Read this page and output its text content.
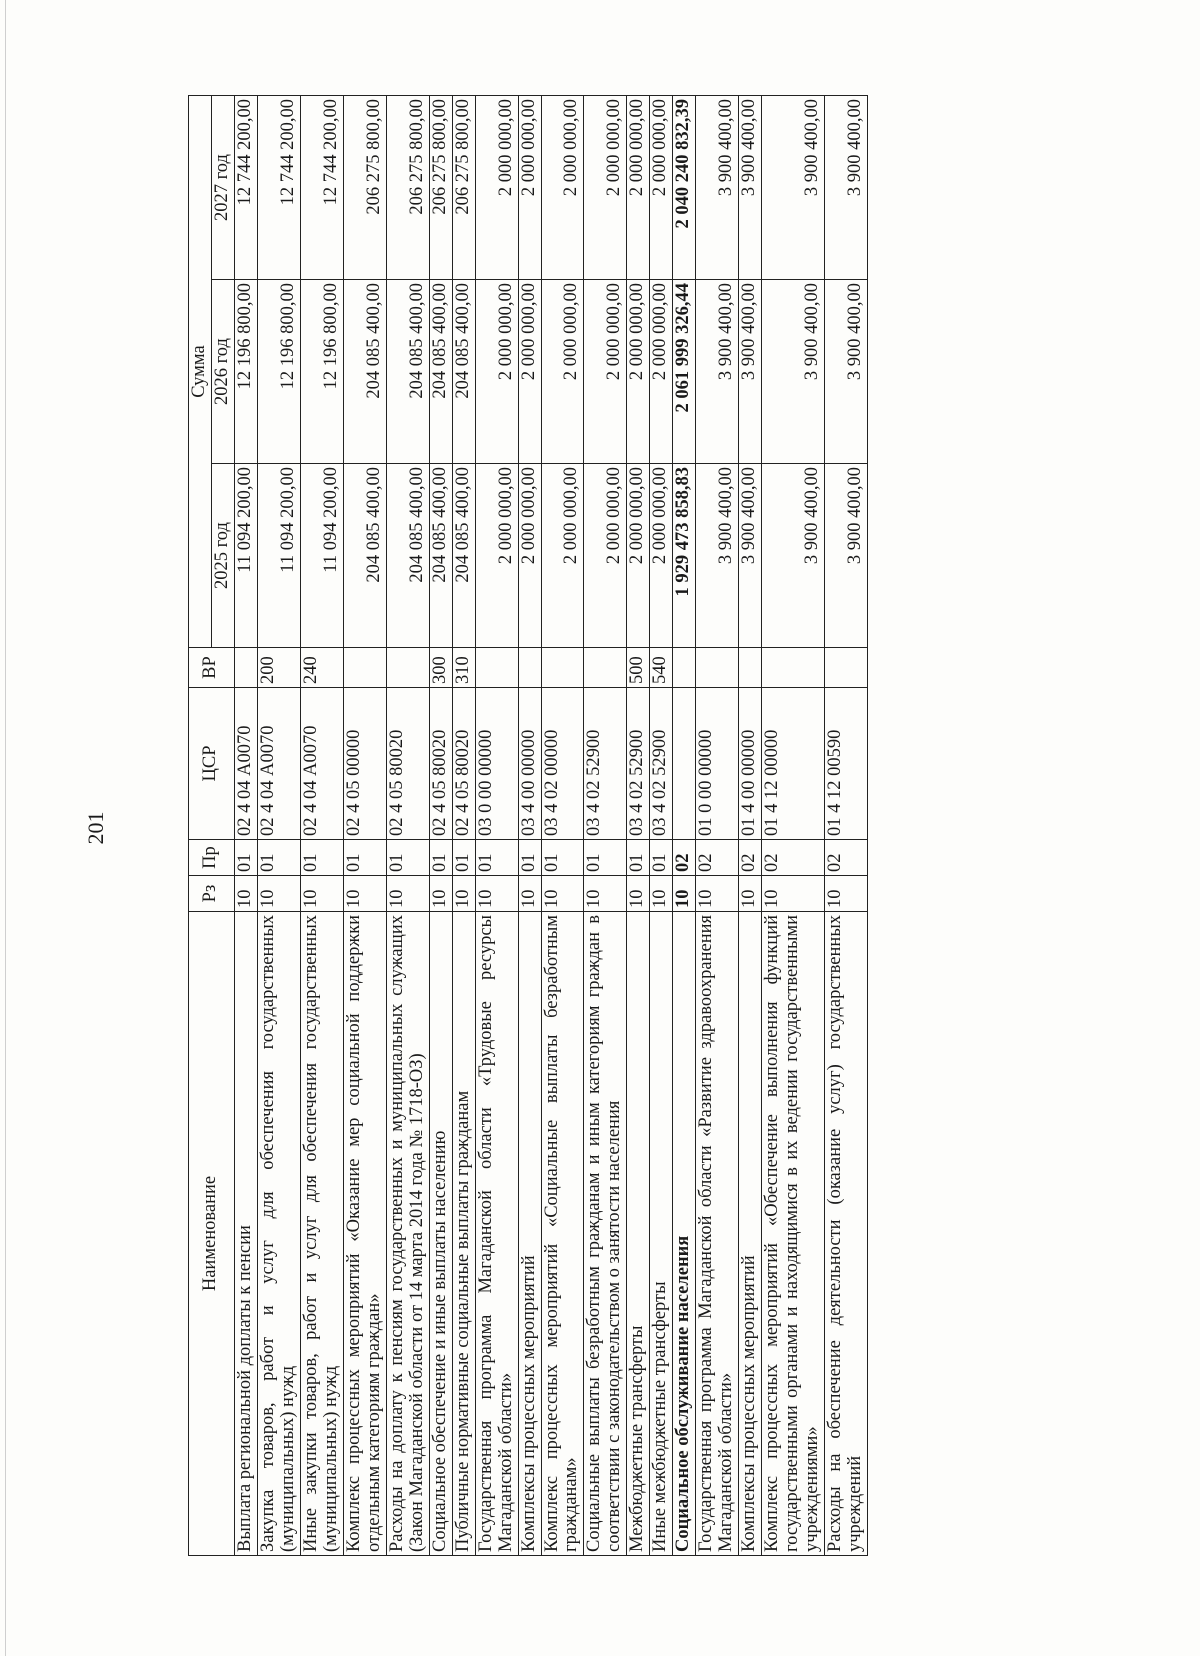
201
Наименование	Рз	Пр	ЦСР	ВР	Сумма		
					2025 год	2026 год	2027 год
Выплата региональной доплаты к пенсии	10	01	02 4 04 А0070		11 094 200,00	12 196 800,00	12 744 200,00
Закупка товаров, работ и услуг для обеспечения государственных (муниципальных) нужд	10	01	02 4 04 А0070	200	11 094 200,00	12 196 800,00	12 744 200,00
Иные закупки товаров, работ и услуг для обеспечения государственных (муниципальных) нужд	10	01	02 4 04 А0070	240	11 094 200,00	12 196 800,00	12 744 200,00
Комплекс процессных мероприятий «Оказание мер социальной поддержки отдельным категориям граждан»	10	01	02 4 05 00000		204 085 400,00	204 085 400,00	206 275 800,00
Расходы на доплату к пенсиям государственных и муниципальных служащих (Закон Магаданской области от 14 марта 2014 года № 1718-ОЗ)	10	01	02 4 05 80020		204 085 400,00	204 085 400,00	206 275 800,00
Социальное обеспечение и иные выплаты населению	10	01	02 4 05 80020	300	204 085 400,00	204 085 400,00	206 275 800,00
Публичные нормативные социальные выплаты гражданам	10	01	02 4 05 80020	310	204 085 400,00	204 085 400,00	206 275 800,00
Государственная программа Магаданской области «Трудовые ресурсы Магаданской области»	10	01	03 0 00 00000		2 000 000,00	2 000 000,00	2 000 000,00
Комплексы процессных мероприятий	10	01	03 4 00 00000		2 000 000,00	2 000 000,00	2 000 000,00
Комплекс процессных мероприятий «Социальные выплаты безработным гражданам»	10	01	03 4 02 00000		2 000 000,00	2 000 000,00	2 000 000,00
Социальные выплаты безработным гражданам и иным категориям граждан в соответствии с законодательством о занятости населения	10	01	03 4 02 52900		2 000 000,00	2 000 000,00	2 000 000,00
Межбюджетные трансферты	10	01	03 4 02 52900	500	2 000 000,00	2 000 000,00	2 000 000,00
Иные межбюджетные трансферты	10	01	03 4 02 52900	540	2 000 000,00	2 000 000,00	2 000 000,00
Социальное обслуживание населения	10	02			1 929 473 858,83	2 061 999 326,44	2 040 240 832,39
Государственная программа Магаданской области «Развитие здравоохранения Магаданской области»	10	02	01 0 00 00000		3 900 400,00	3 900 400,00	3 900 400,00
Комплексы процессных мероприятий	10	02	01 4 00 00000		3 900 400,00	3 900 400,00	3 900 400,00
Комплекс процессных мероприятий «Обеспечение выполнения функций государственными органами и находящимися в их ведении государственными учреждениями»	10	02	01 4 12 00000		3 900 400,00	3 900 400,00	3 900 400,00
Расходы на обеспечение деятельности (оказание услуг) государственных учреждений	10	02	01 4 12 00590		3 900 400,00	3 900 400,00	3 900 400,00
